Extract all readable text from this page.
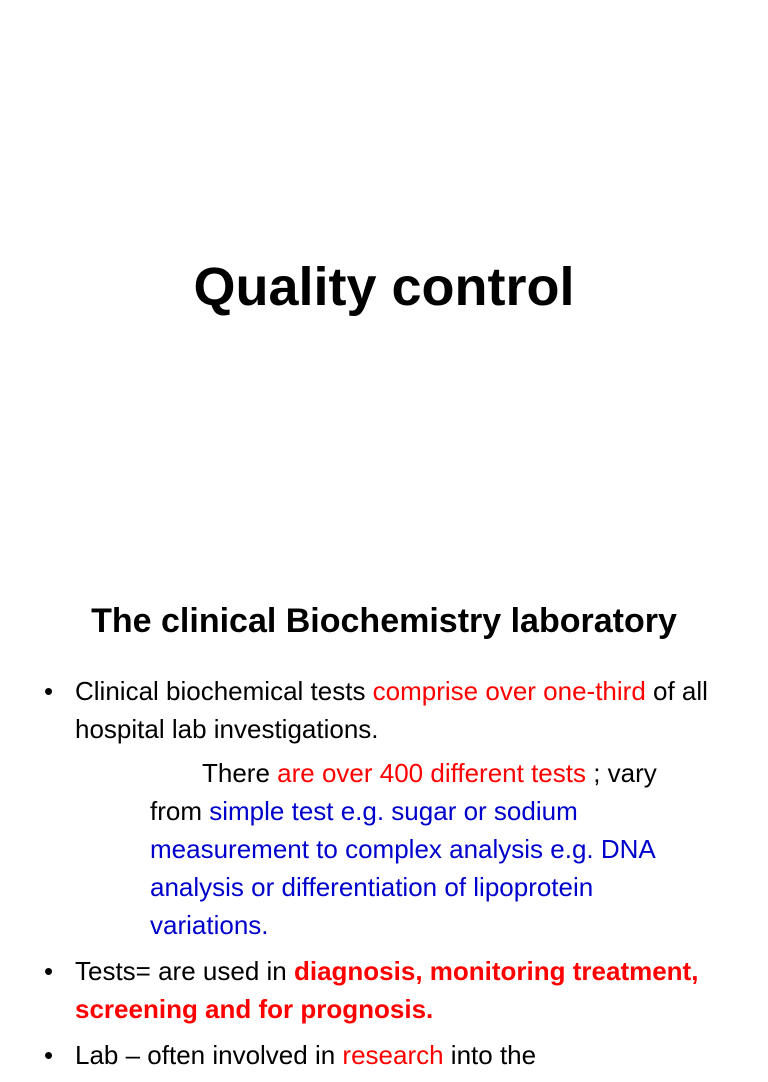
Quality control
The clinical Biochemistry laboratory
• Clinical biochemical tests comprise over one-third of all hospital lab investigations.
There are over 400 different tests ; vary from simple test e.g. sugar or sodium measurement to complex analysis e.g. DNA analysis or differentiation of lipoprotein variations.
• Tests= are used in diagnosis, monitoring treatment, screening and for prognosis.
• Lab – often involved in research into the
